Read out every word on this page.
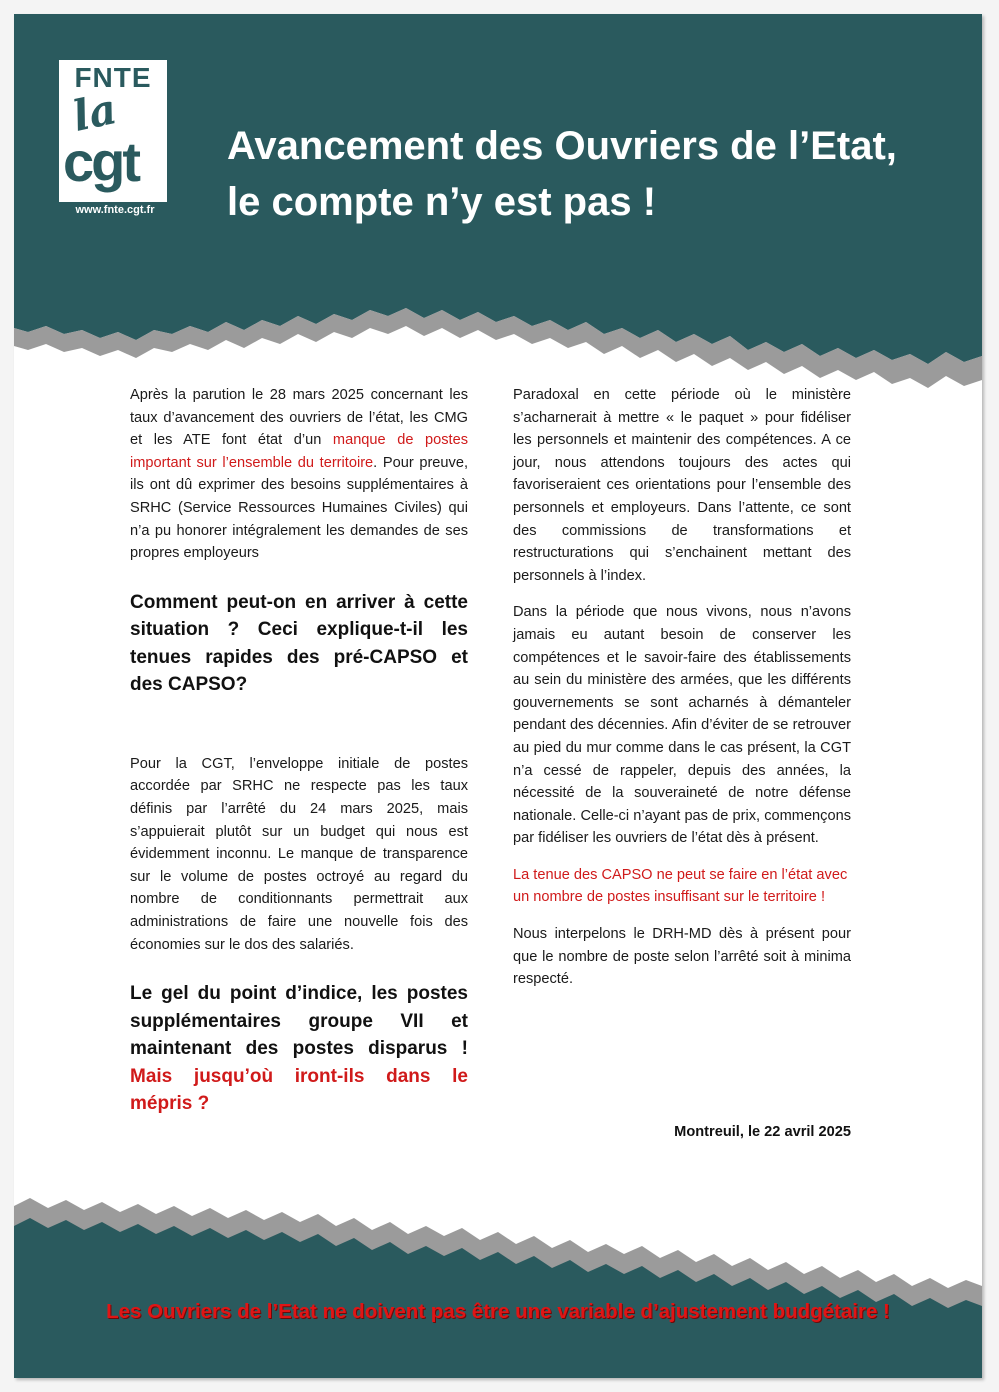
FNTE
la
cgt
www.fnte.cgt.fr
Avancement des Ouvriers de l’Etat,
le compte n’y est pas !

Après la parution le 28 mars 2025 concernant les taux d’avancement des ouvriers de l’état, les CMG et les ATE font état d’un manque de postes important sur l’ensemble du territoire. Pour preuve, ils ont dû exprimer des besoins supplémentaires à SRHC (Service Ressources Humaines Civiles) qui n’a pu honorer intégralement les demandes de ses propres employeurs

Comment peut-on en arriver à cette situation ? Ceci explique-t-il les tenues rapides des pré-CAPSO et des CAPSO?

Pour la CGT, l’enveloppe initiale de postes accordée par SRHC ne respecte pas les taux définis par l’arrêté du 24 mars 2025, mais s’appuierait plutôt sur un budget qui nous est évidemment inconnu. Le manque de transparence sur le volume de postes octroyé au regard du nombre de conditionnants permettrait aux administrations de faire une nouvelle fois des économies sur le dos des salariés.

Le gel du point d’indice, les postes supplémentaires groupe VII et maintenant des postes disparus ! Mais jusqu’où iront-ils dans le mépris ?

Paradoxal en cette période où le ministère s’acharnerait à mettre « le paquet » pour fidéliser les personnels et maintenir des compétences. A ce jour, nous attendons toujours des actes qui favoriseraient ces orientations pour l’ensemble des personnels et employeurs. Dans l’attente, ce sont des commissions de transformations et restructurations qui s’enchainent mettant des personnels à l’index.

Dans la période que nous vivons, nous n’avons jamais eu autant besoin de conserver les compétences et le savoir-faire des établissements au sein du ministère des armées, que les différents gouvernements se sont acharnés à démanteler pendant des décennies. Afin d’éviter de se retrouver au pied du mur comme dans le cas présent, la CGT n’a cessé de rappeler, depuis des années, la nécessité de la souveraineté de notre défense nationale. Celle-ci n’ayant pas de prix, commençons par fidéliser les ouvriers de l’état dès à présent.

La tenue des CAPSO ne peut se faire en l’état avec un nombre de postes insuffisant sur le territoire !

Nous interpelons le DRH-MD dès à présent pour que le nombre de poste selon l’arrêté soit à minima respecté.

Montreuil, le 22 avril 2025
Les Ouvriers de l’Etat ne doivent pas être une variable d’ajustement budgétaire !
